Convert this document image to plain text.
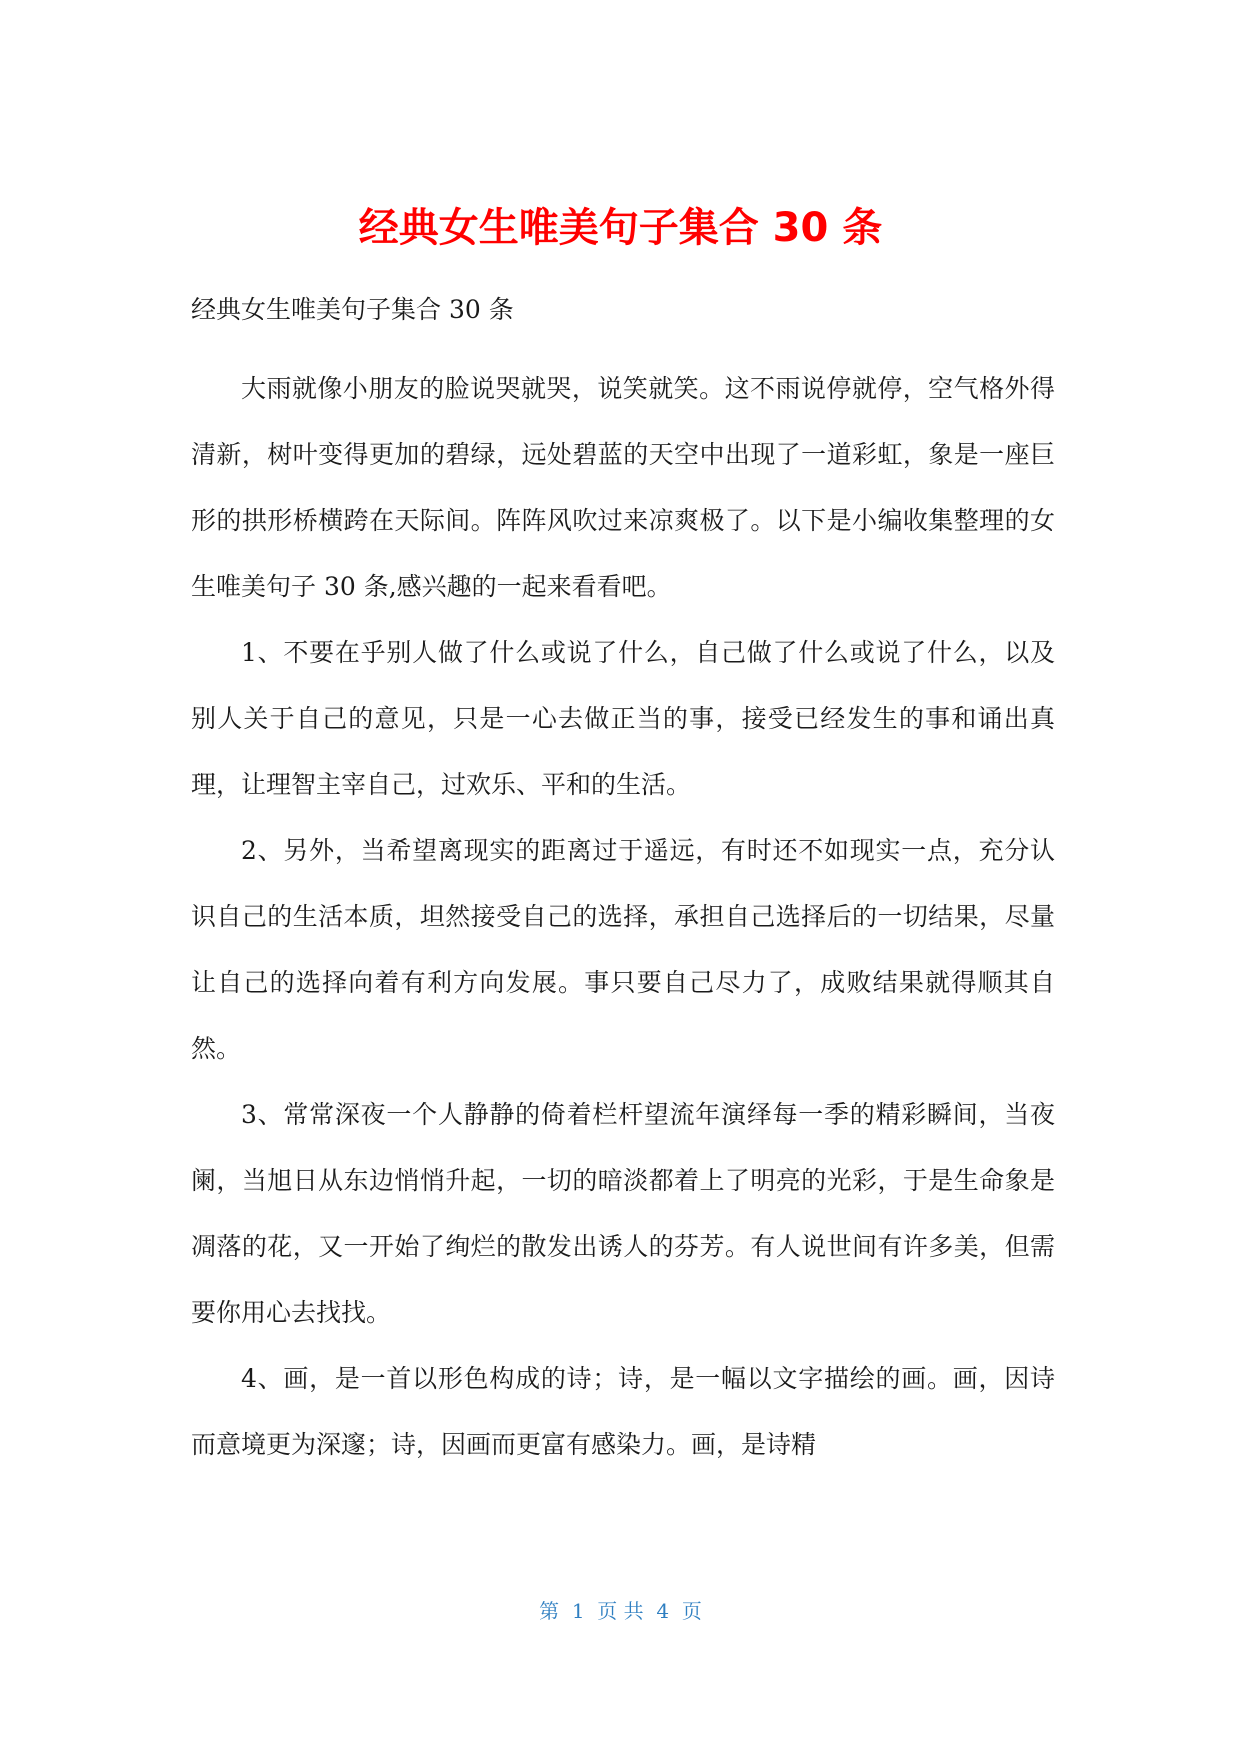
经典女生唯美句子集合 30 条

经典女生唯美句子集合 30 条

大雨就像小朋友的脸说哭就哭，说笑就笑。这不雨说停就停，空气格外得清新，树叶变得更加的碧绿，远处碧蓝的天空中出现了一道彩虹，象是一座巨形的拱形桥横跨在天际间。阵阵风吹过来凉爽极了。以下是小编收集整理的女生唯美句子 30 条,感兴趣的一起来看看吧。

1、不要在乎别人做了什么或说了什么，自己做了什么或说了什么，以及别人关于自己的意见，只是一心去做正当的事，接受已经发生的事和诵出真理，让理智主宰自己，过欢乐、平和的生活。

2、另外，当希望离现实的距离过于遥远，有时还不如现实一点，充分认识自己的生活本质，坦然接受自己的选择，承担自己选择后的一切结果，尽量让自己的选择向着有利方向发展。事只要自己尽力了，成败结果就得顺其自然。

3、常常深夜一个人静静的倚着栏杆望流年演绎每一季的精彩瞬间，当夜阑，当旭日从东边悄悄升起，一切的暗淡都着上了明亮的光彩，于是生命象是凋落的花，又一开始了绚烂的散发出诱人的芬芳。有人说世间有许多美，但需要你用心去找找。

4、画，是一首以形色构成的诗；诗，是一幅以文字描绘的画。画，因诗而意境更为深邃；诗，因画而更富有感染力。画，是诗精

第  1  页 共  4  页
